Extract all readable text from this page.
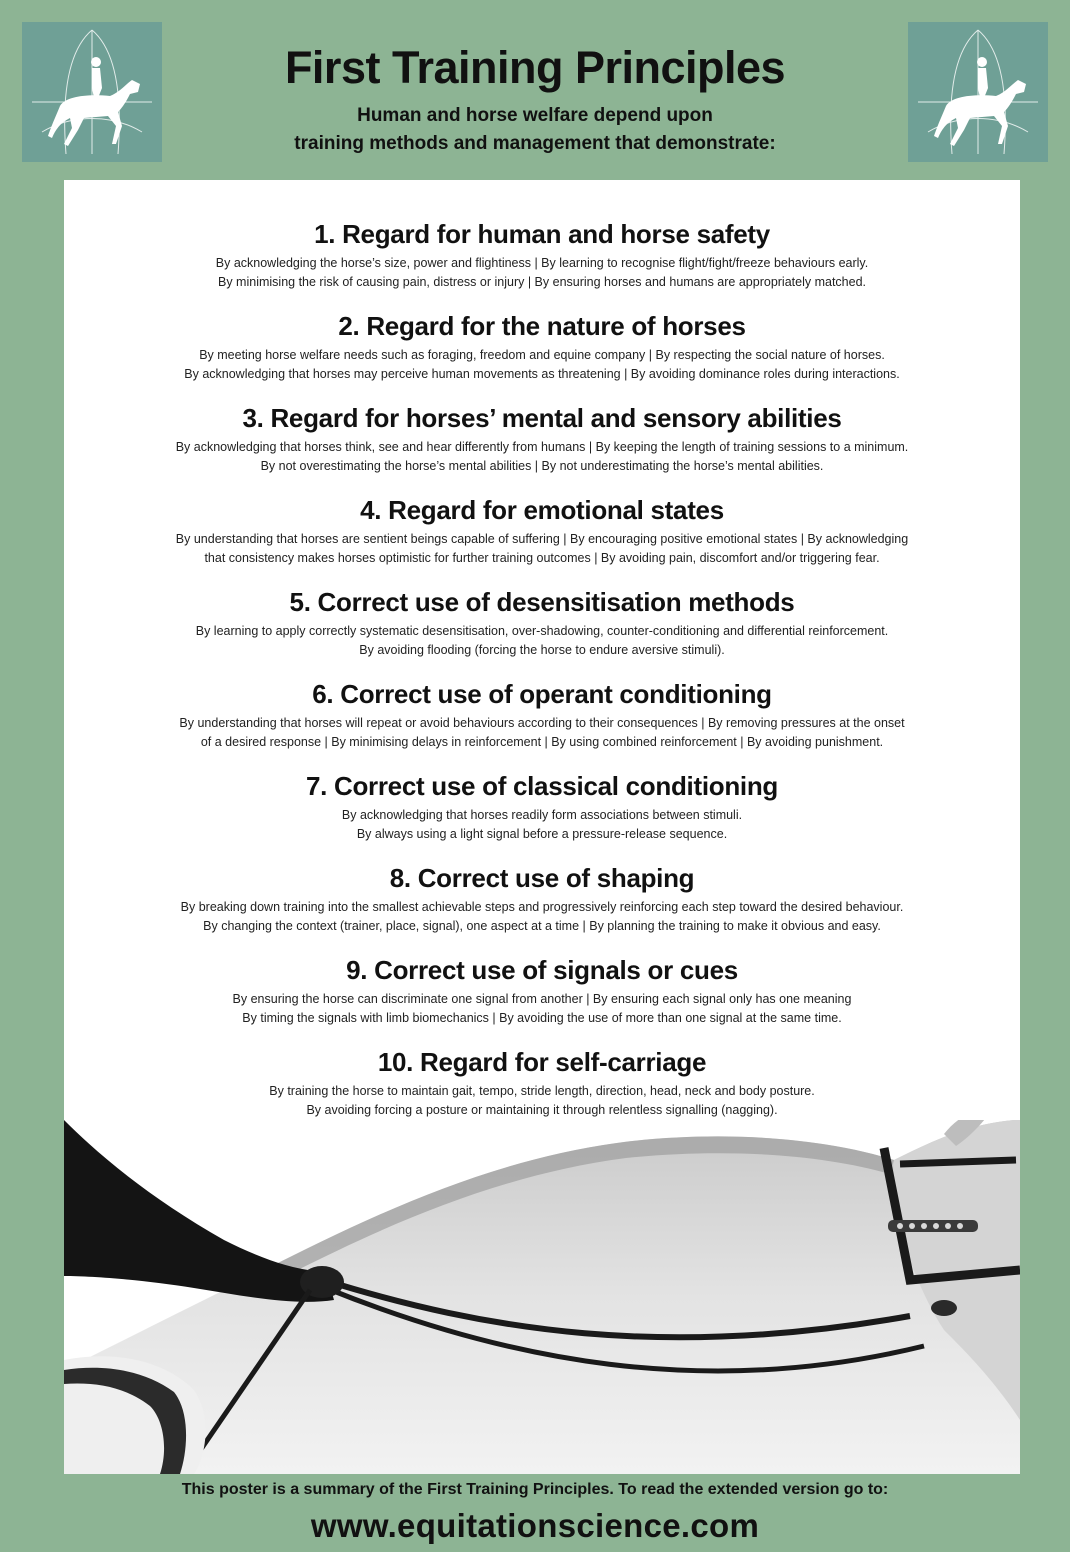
First Training Principles
Human and horse welfare depend upon
training methods and management that demonstrate:
1. Regard for human and horse safety

By acknowledging the horse’s size, power and flightiness | By learning to recognise flight/fight/freeze behaviours early.

By minimising the risk of causing pain, distress or injury | By ensuring horses and humans are appropriately matched.

2. Regard for the nature of horses

By meeting horse welfare needs such as foraging, freedom and equine company | By respecting the social nature of horses.

By acknowledging that horses may perceive human movements as threatening | By avoiding dominance roles during interactions.

3. Regard for horses’ mental and sensory abilities

By acknowledging that horses think, see and hear differently from humans | By keeping the length of training sessions to a minimum.

By not overestimating the horse’s mental abilities | By not underestimating the horse’s mental abilities.

4. Regard for emotional states

By understanding that horses are sentient beings capable of suffering | By encouraging positive emotional states | By acknowledging

that consistency makes horses optimistic for further training outcomes | By avoiding pain, discomfort and/or triggering fear.

5. Correct use of desensitisation methods

By learning to apply correctly systematic desensitisation, over-shadowing, counter-conditioning and differential reinforcement.

By avoiding flooding (forcing the horse to endure aversive stimuli).

6. Correct use of operant conditioning

By understanding that horses will repeat or avoid behaviours according to their consequences | By removing pressures at the onset

of a desired response | By minimising delays in reinforcement | By using combined reinforcement | By avoiding punishment.

7. Correct use of classical conditioning

By acknowledging that horses readily form associations between stimuli.

By always using a light signal before a pressure-release sequence.

8. Correct use of shaping

By breaking down training into the smallest achievable steps and progressively reinforcing each step toward the desired behaviour.

By changing the context (trainer, place, signal), one aspect at a time | By planning the training to make it obvious and easy.

9. Correct use of signals or cues

By ensuring the horse can discriminate one signal from another | By ensuring each signal only has one meaning

By timing the signals with limb biomechanics | By avoiding the use of more than one signal at the same time.

10. Regard for self-carriage

By training the horse to maintain gait, tempo, stride length, direction, head, neck and body posture.

By avoiding forcing a posture or maintaining it through relentless signalling (nagging).

This poster is a summary of the First Training Principles. To read the extended version go to:
www.equitationscience.com
